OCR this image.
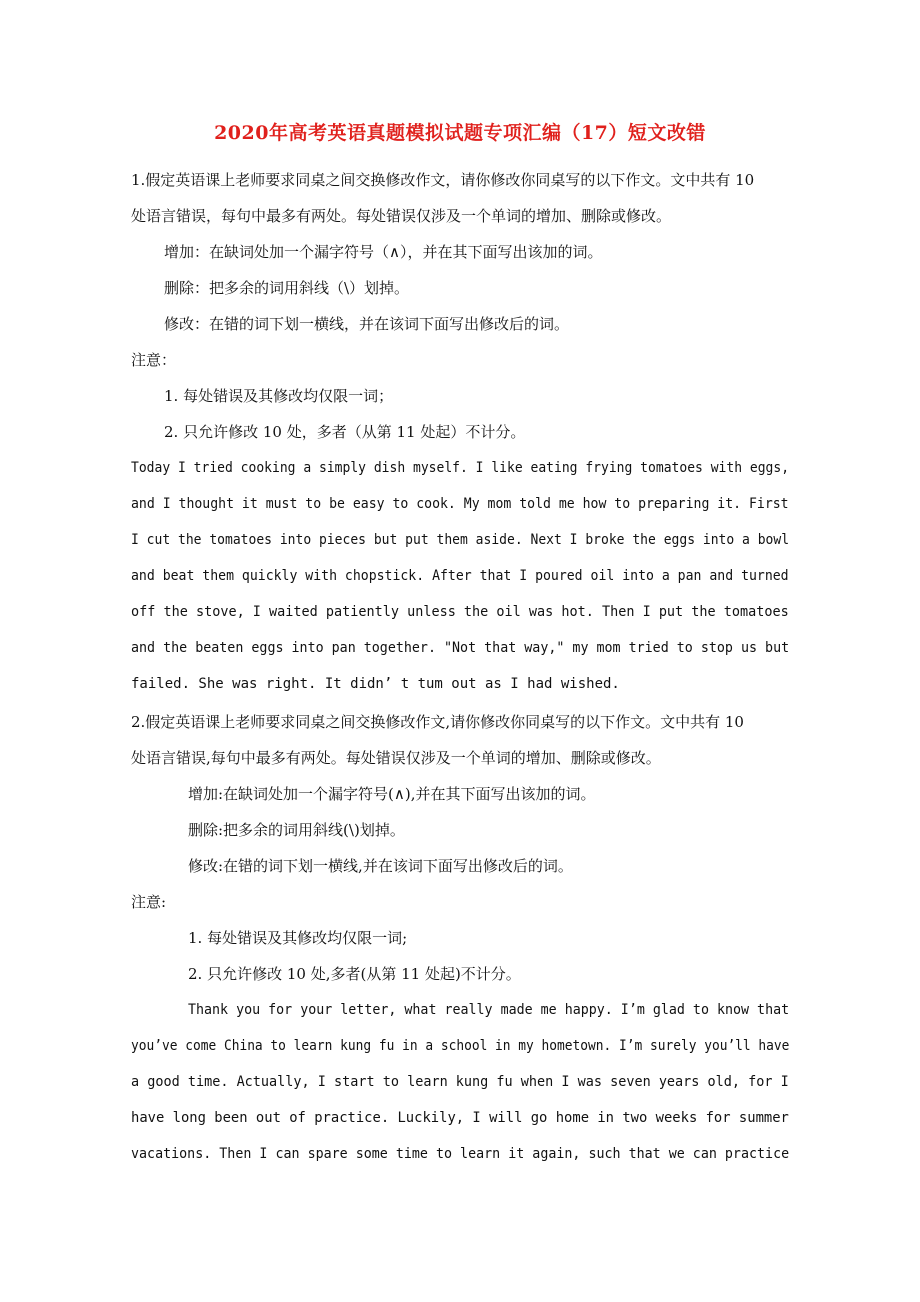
2020年高考英语真题模拟试题专项汇编（17）短文改错
1.假定英语课上老师要求同桌之间交换修改作文，请你修改你同桌写的以下作文。文中共有 10
处语言错误，每句中最多有两处。每处错误仅涉及一个单词的增加、删除或修改。
增加：在缺词处加一个漏字符号（∧），并在其下面写出该加的词。
删除：把多余的词用斜线（\）划掉。
修改：在错的词下划一横线，并在该词下面写出修改后的词。
注意：
1. 每处错误及其修改均仅限一词；
2. 只允许修改 10 处，多者（从第 11 处起）不计分。
Today I tried cooking a simply dish myself. I like eating frying tomatoes with eggs,
and I thought it must to be easy to cook. My mom told me how to preparing it. First
I cut the tomatoes into pieces but put them aside. Next I broke the eggs into a bowl
and beat them quickly with chopstick. After that I poured oil into a pan and turned
off the stove, I waited patiently unless the oil was hot. Then I put the tomatoes
and the beaten eggs into pan together. "Not that way," my mom tried to stop us but
failed. She was right. It didn’ t tum out as I had wished.
2.假定英语课上老师要求同桌之间交换修改作文,请你修改你同桌写的以下作文。文中共有 10
处语言错误,每句中最多有两处。每处错误仅涉及一个单词的增加、删除或修改。
增加:在缺词处加一个漏字符号(∧),并在其下面写出该加的词。
删除:把多余的词用斜线(\)划掉。
修改:在错的词下划一横线,并在该词下面写出修改后的词。
注意:
1. 每处错误及其修改均仅限一词;
2. 只允许修改 10 处,多者(从第 11 处起)不计分。
Thank you for your letter, what really made me happy. I’m glad to know that
you’ve come China to learn kung fu in a school in my hometown. I’m surely you’ll have
a good time. Actually, I start to learn kung fu when I was seven years old, for I
have long been out of practice. Luckily, I will go home in two weeks for summer
vacations. Then I can spare some time to learn it again, such that we can practice
